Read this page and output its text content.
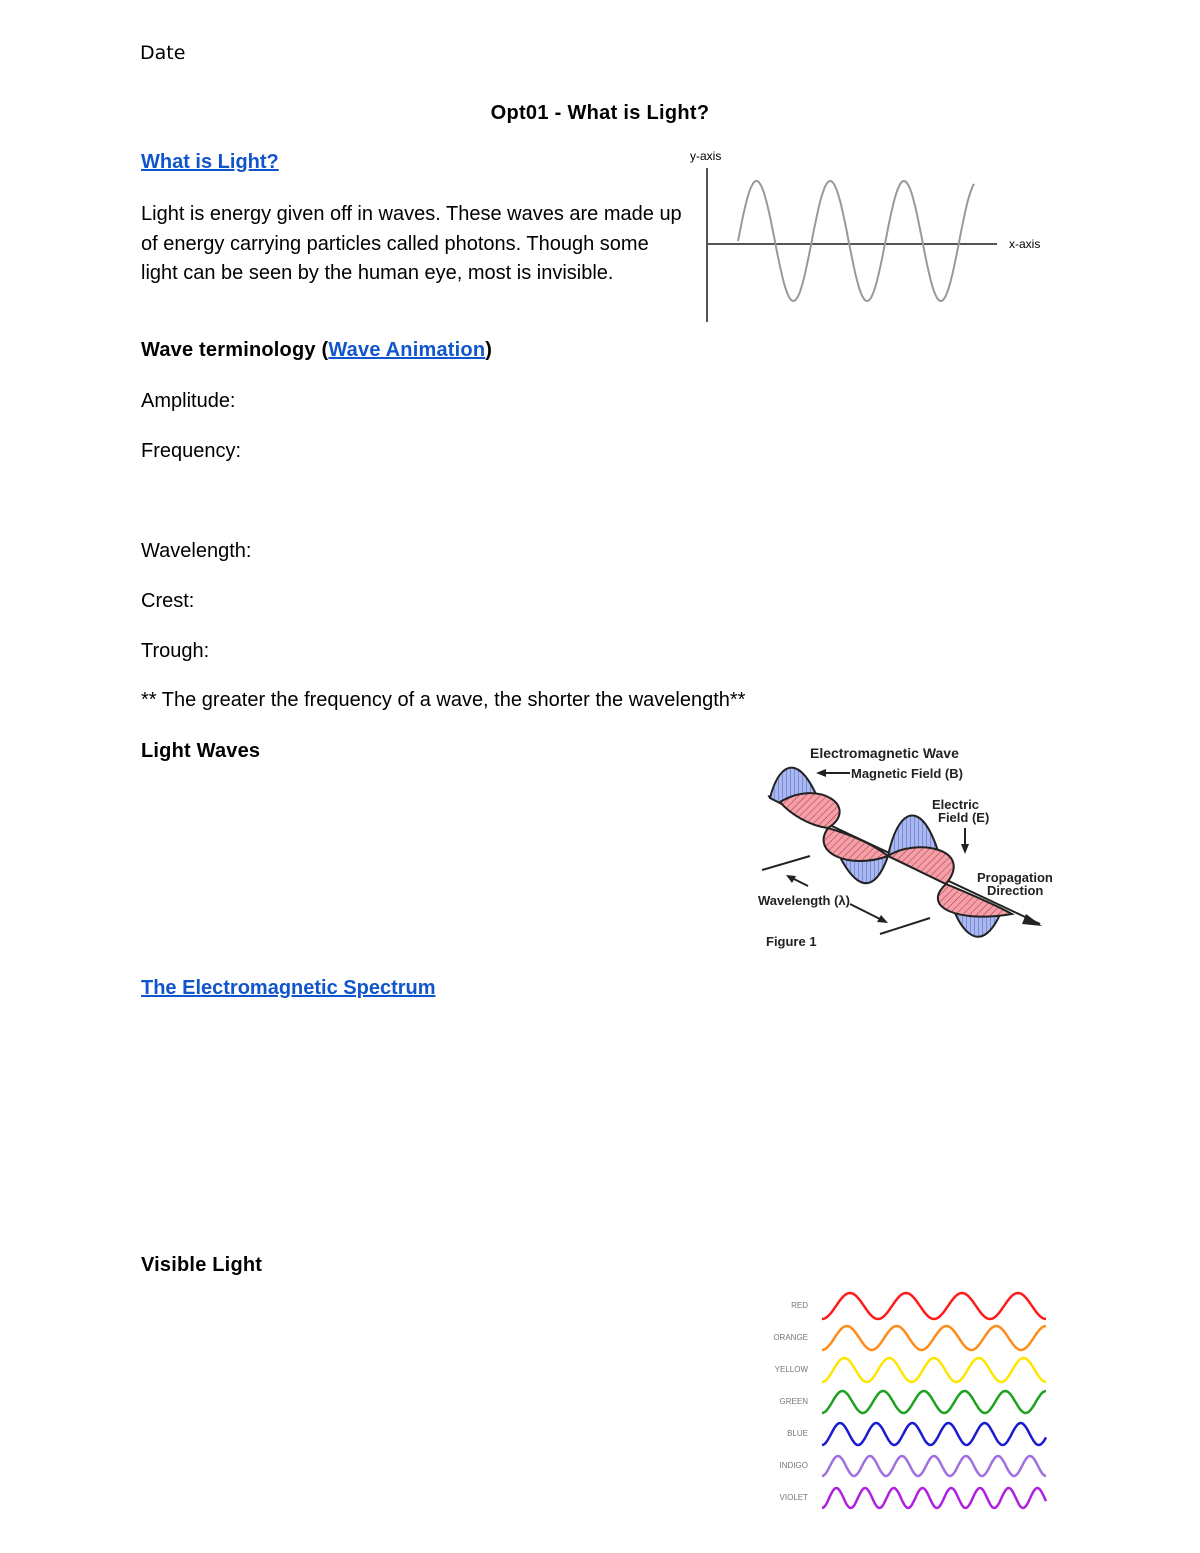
Date
Opt01 - What is Light?
What is Light?
Light is energy given off in waves. These waves are made up of energy carrying particles called photons. Though some light can be seen by the human eye, most is invisible.
y-axis
x-axis
Wave terminology (Wave Animation)
Amplitude:
Frequency:
Wavelength:
Crest:
Trough:
** The greater the frequency of a wave, the shorter the wavelength**
Light Waves	Electromagnetic Wave
Magnetic Field (B)
Electric
Field (E)
Propagation
Direction
Wavelength (λ)
Figure 1
The Electromagnetic Spectrum
Visible Light
RED
ORANGE
YELLOW
GREEN
BLUE
INDIGO
VIOLET
